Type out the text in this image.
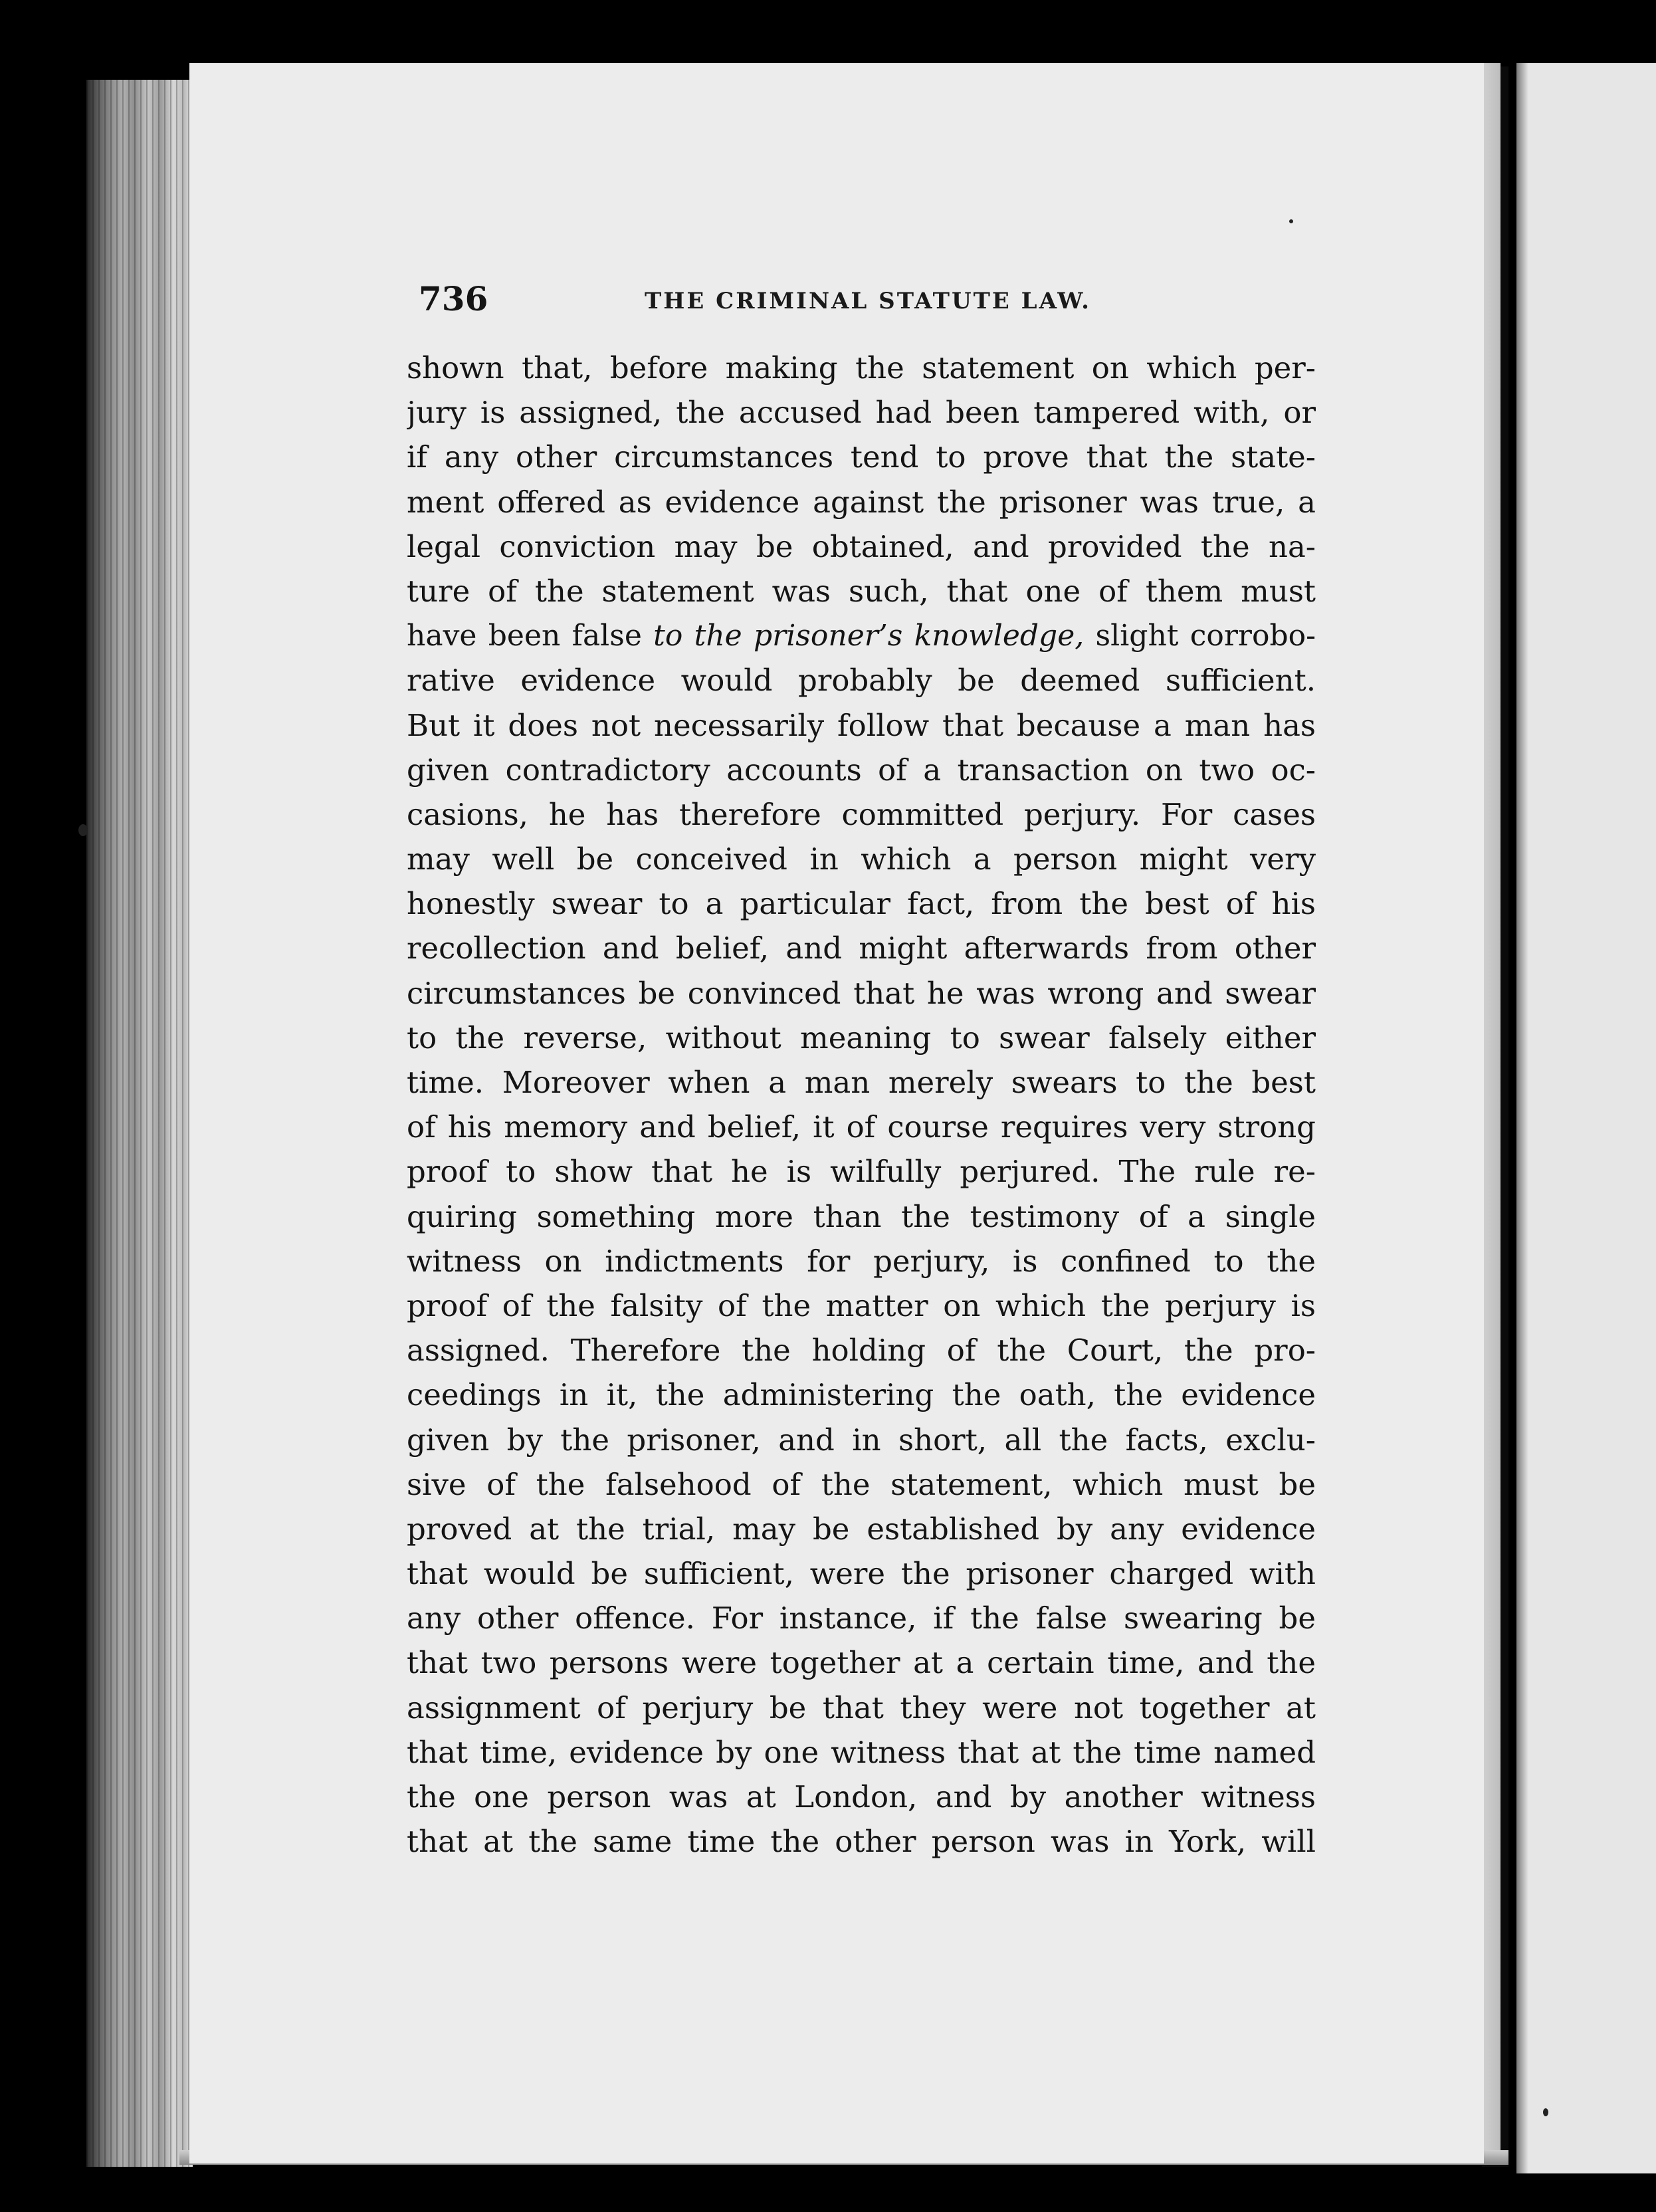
736	THE CRIMINAL STATUTE LAW.
shown that, before making the statement on which per-
jury is assigned, the accused had been tampered with, or
if any other circumstances tend to prove that the state-
ment offered as evidence against the prisoner was true, a
legal conviction may be obtained, and provided the na-
ture of the statement was such, that one of them must
have been false to the prisoner’s knowledge, slight corrobo-
rative evidence would probably be deemed sufficient.
But it does not necessarily follow that because a man has
given contradictory accounts of a transaction on two oc-
casions, he has therefore committed perjury. For cases
may well be conceived in which a person might very
honestly swear to a particular fact, from the best of his
recollection and belief, and might afterwards from other
circumstances be convinced that he was wrong and swear
to the reverse, without meaning to swear falsely either
time. Moreover when a man merely swears to the best
of his memory and belief, it of course requires very strong
proof to show that he is wilfully perjured. The rule re-
quiring something more than the testimony of a single
witness on indictments for perjury, is confined to the
proof of the falsity of the matter on which the perjury is
assigned. Therefore the holding of the Court, the pro-
ceedings in it, the administering the oath, the evidence
given by the prisoner, and in short, all the facts, exclu-
sive of the falsehood of the statement, which must be
proved at the trial, may be established by any evidence
that would be sufficient, were the prisoner charged with
any other offence. For instance, if the false swearing be
that two persons were together at a certain time, and the
assignment of perjury be that they were not together at
that time, evidence by one witness that at the time named
the one person was at London, and by another witness
that at the same time the other person was in York, will
